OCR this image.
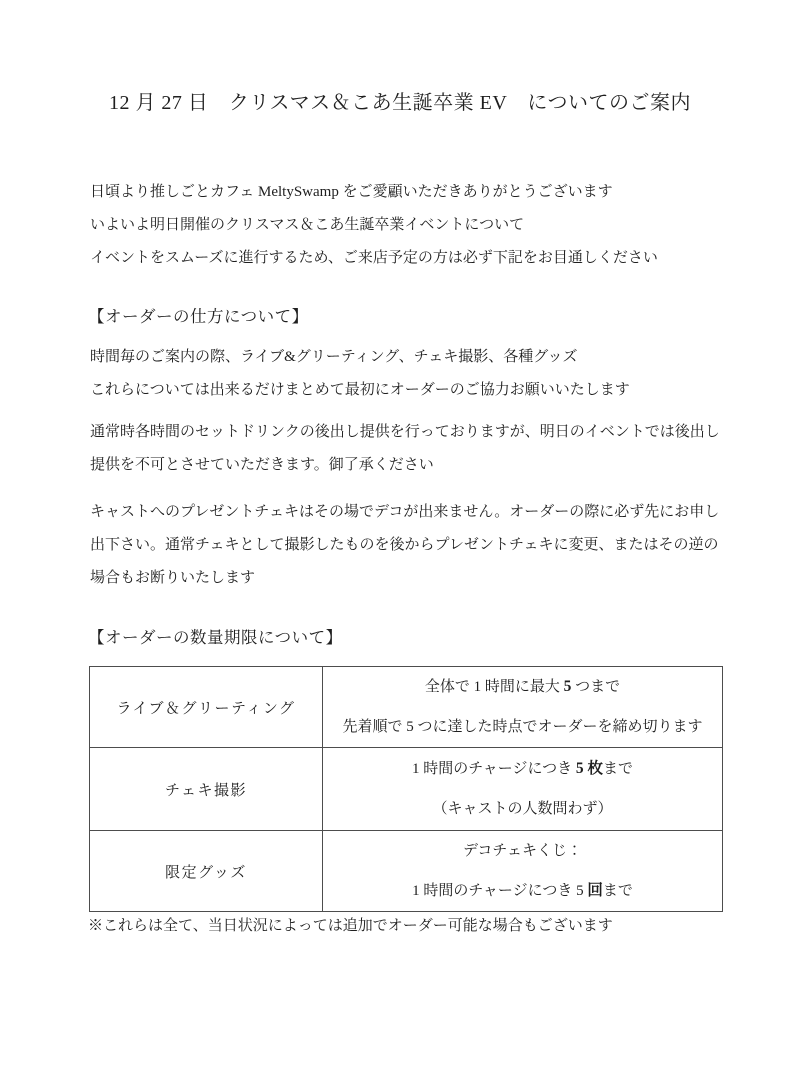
12 月 27 日　クリスマス＆こあ生誕卒業 EV　についてのご案内
日頃より推しごとカフェ MeltySwamp をご愛顧いただきありがとうございます
いよいよ明日開催のクリスマス＆こあ生誕卒業イベントについて
イベントをスムーズに進行するため、ご来店予定の方は必ず下記をお目通しください
【オーダーの仕方について】
時間毎のご案内の際、ライブ&グリーティング、チェキ撮影、各種グッズ
これらについては出来るだけまとめて最初にオーダーのご協力お願いいたします
通常時各時間のセットドリンクの後出し提供を行っておりますが、明日のイベントでは後出し
提供を不可とさせていただきます。御了承ください
キャストへのプレゼントチェキはその場でデコが出来ません。オーダーの際に必ず先にお申し
出下さい。通常チェキとして撮影したものを後からプレゼントチェキに変更、またはその逆の
場合もお断りいたします
【オーダーの数量期限について】
ライブ＆グリーティング	全体で 1 時間に最大 5 つまで
先着順で 5 つに達した時点でオーダーを締め切ります

チェキ撮影	1 時間のチャージにつき 5 枚まで
（キャストの人数問わず）

限定グッズ	デコチェキくじ：
1 時間のチャージにつき 5 回まで
※これらは全て、当日状況によっては追加でオーダー可能な場合もございます
